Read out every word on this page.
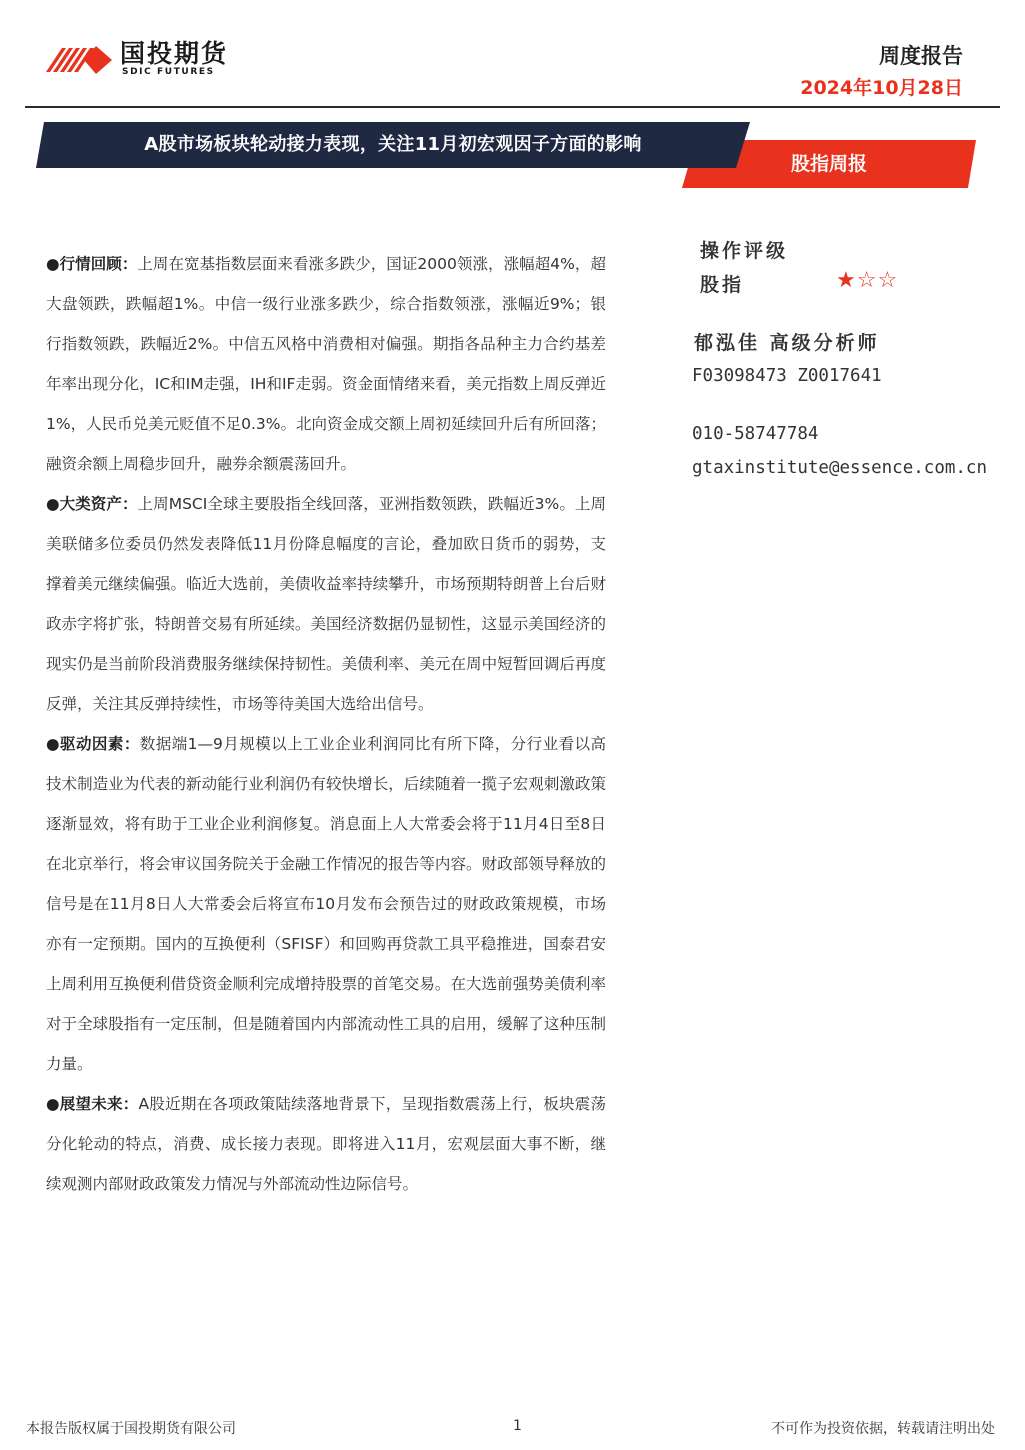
国投期货
SDIC FUTURES
周度报告
2024年10月28日
股指周报
A股市场板块轮动接力表现，关注11月初宏观因子方面的影响

●行情回顾：上周在宽基指数层面来看涨多跌少，国证2000领涨，涨幅超4%，超大盘领跌，跌幅超1%。中信一级行业涨多跌少，综合指数领涨，涨幅近9%；银行指数领跌，跌幅近2%。中信五风格中消费相对偏强。期指各品种主力合约基差年率出现分化，IC和IM走强，IH和IF走弱。资金面情绪来看，美元指数上周反弹近1%，人民币兑美元贬值不足0.3%。北向资金成交额上周初延续回升后有所回落；融资余额上周稳步回升，融券余额震荡回升。

●大类资产：上周MSCI全球主要股指全线回落，亚洲指数领跌，跌幅近3%。上周美联储多位委员仍然发表降低11月份降息幅度的言论，叠加欧日货币的弱势，支撑着美元继续偏强。临近大选前，美债收益率持续攀升，市场预期特朗普上台后财政赤字将扩张，特朗普交易有所延续。美国经济数据仍显韧性，这显示美国经济的现实仍是当前阶段消费服务继续保持韧性。美债利率、美元在周中短暂回调后再度反弹，关注其反弹持续性，市场等待美国大选给出信号。

●驱动因素：数据端1—9月规模以上工业企业利润同比有所下降，分行业看以高技术制造业为代表的新动能行业利润仍有较快增长，后续随着一揽子宏观刺激政策逐渐显效，将有助于工业企业利润修复。消息面上人大常委会将于11月4日至8日在北京举行，将会审议国务院关于金融工作情况的报告等内容。财政部领导释放的信号是在11月8日人大常委会后将宣布10月发布会预告过的财政政策规模，市场亦有一定预期。国内的互换便利（SFISF）和回购再贷款工具平稳推进，国泰君安上周利用互换便利借贷资金顺利完成增持股票的首笔交易。在大选前强势美债利率对于全球股指有一定压制，但是随着国内内部流动性工具的启用，缓解了这种压制力量。

●展望未来：A股近期在各项政策陆续落地背景下，呈现指数震荡上行，板块震荡分化轮动的特点，消费、成长接力表现。即将进入11月，宏观层面大事不断，继续观测内部财政政策发力情况与外部流动性边际信号。

操作评级
股指	★☆☆
郁泓佳 高级分析师
F03098473 Z0017641
010-58747784
gtaxinstitute@essence.com.cn
本报告版权属于国投期货有限公司	1	不可作为投资依据，转载请注明出处
